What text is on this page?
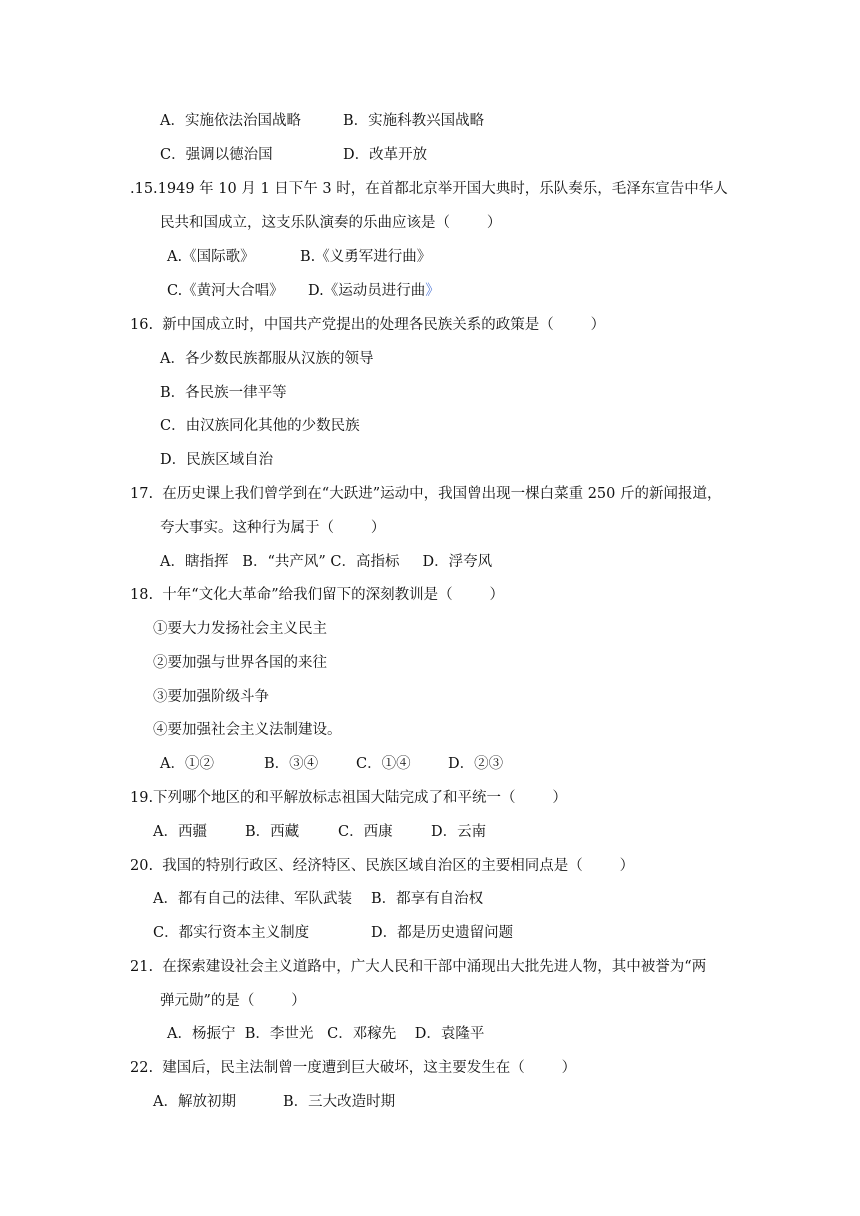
A．实施依法治国战略	B．实施科教兴国战略
C．强调以德治国	D．改革开放
.15.1949 年 10 月 1 日下午 3 时，在首都北京举开国大典时，乐队奏乐，毛泽东宣告中华人
民共和国成立，这支乐队演奏的乐曲应该是（        ）
A.《国际歌》	B.《义勇军进行曲》
C.《黄河大合唱》 D.《运动员进行曲》
16.  新中国成立时，中国共产党提出的处理各民族关系的政策是（        ）
A．各少数民族都服从汉族的领导
B．各民族一律平等
C．由汉族同化其他的少数民族
D．民族区域自治
17.  在历史课上我们曾学到在“大跃进”运动中，我国曾出现一棵白菜重 250 斤的新闻报道，
夸大事实。这种行为属于（        ）
A．瞎指挥   B．“共产风” C．高指标     D．浮夸风
18.  十年“文化大革命”给我们留下的深刻教训是（        ）
①要大力发扬社会主义民主
②要加强与世界各国的来往
③要加强阶级斗争
④要加强社会主义法制建设。
A．①②	B．③④	C．①④	D．②③
19.下列哪个地区的和平解放标志祖国大陆完成了和平统一（        ）
A．西疆	B．西藏	C．西康	D．云南
20.  我国的特别行政区、经济特区、民族区域自治区的主要相同点是（        ）
A．都有自己的法律、军队武装 B．都享有自治权
C．都实行资本主义制度	D．都是历史遗留问题
21.  在探索建设社会主义道路中，广大人民和干部中涌现出大批先进人物，其中被誉为“两
弹元勋”的是（        ）
A．杨振宁  B．李世光   C．邓稼先    D．袁隆平
22.  建国后，民主法制曾一度遭到巨大破坏，这主要发生在（        ）
A．解放初期	B．三大改造时期
